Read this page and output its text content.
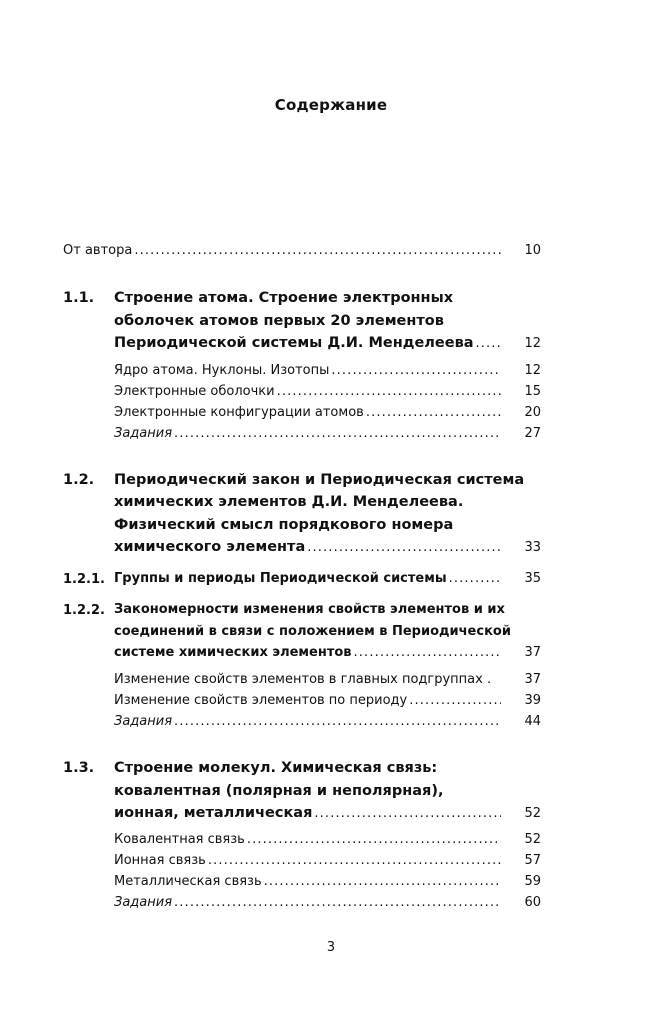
Содержание
От автора . . .	10
1.1. Строение атома. Строение электронных
оболочек атомов первых 20 элементов
Периодической системы Д.И. Менделеева . . .	12
Ядро атома. Нуклоны. Изотопы . . .	12
Электронные оболочки . . .	15
Электронные конфигурации атомов . . .	20
Задания . . .	27
1.2. Периодический закон и Периодическая система
химических элементов Д.И. Менделеева.
Физический смысл порядкового номера
химического элемента . . .	33
1.2.1. Группы и периоды Периодической системы . . .	35
1.2.2. Закономерности изменения свойств элементов и их
соединений в связи с положением в Периодической
системе химических элементов . . .	37
Изменение свойств элементов в главных подгруппах .	37
Изменение свойств элементов по периоду . . .	39
Задания . . .	44
1.3. Строение молекул. Химическая связь:
ковалентная (полярная и неполярная),
ионная, металлическая . . .	52
Ковалентная связь . . .	52
Ионная связь . . .	57
Металлическая связь . . .	59
Задания . . .	60
3
